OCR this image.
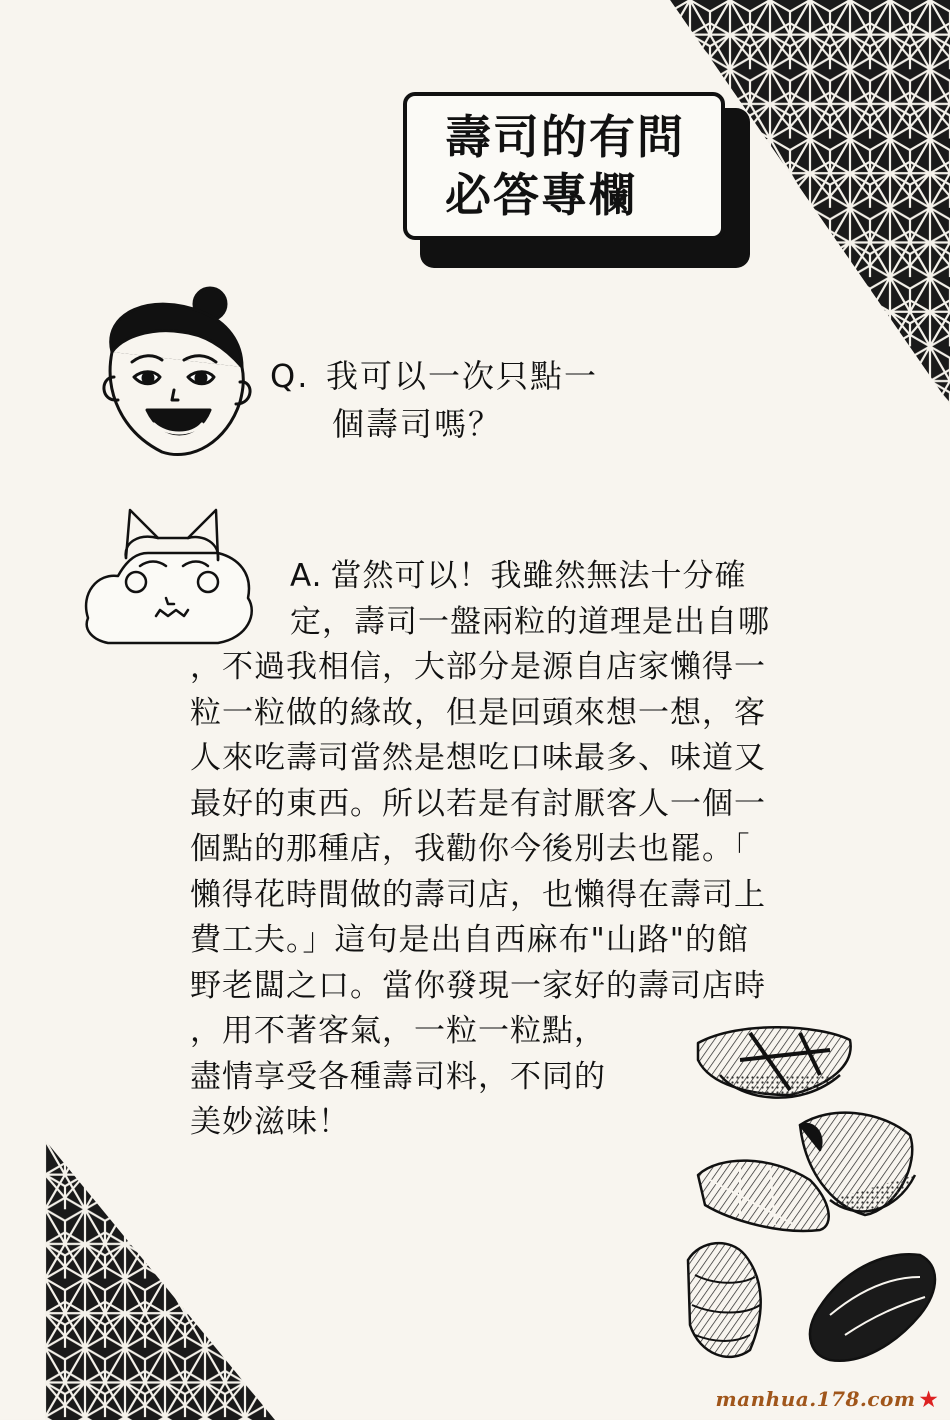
壽司的有問
必答專欄
Q. 我可以一次只點一
個壽司嗎？
A. 當然可以！我雖然無法十分確
定，壽司一盤兩粒的道理是出自哪
，不過我相信，大部分是源自店家懶得一
粒一粒做的緣故，但是回頭來想一想，客
人來吃壽司當然是想吃口味最多、味道又
最好的東西。所以若是有討厭客人一個一
個點的那種店，我勸你今後別去也罷。「
懶得花時間做的壽司店，也懶得在壽司上
費工夫。」這句是出自西麻布"山路"的館
野老闆之口。當你發現一家好的壽司店時
，用不著客氣，一粒一粒點，
盡情享受各種壽司料，不同的
美妙滋味！
manhua.178.com ★
